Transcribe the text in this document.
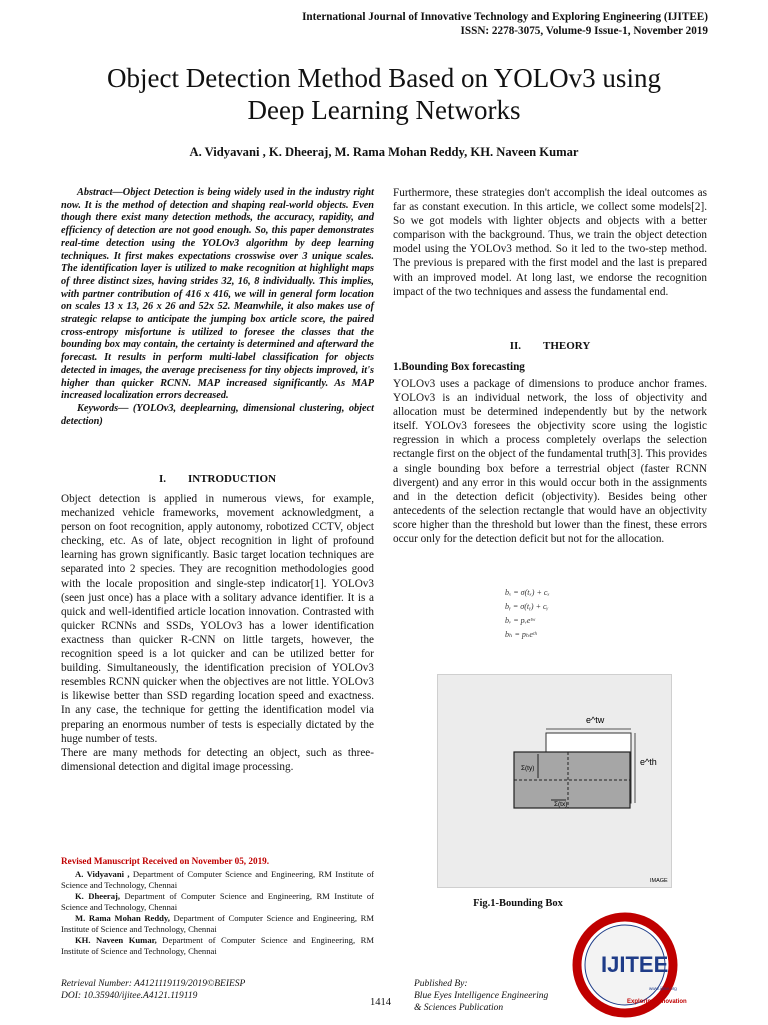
International Journal of Innovative Technology and Exploring Engineering (IJITEE)
ISSN: 2278-3075, Volume-9 Issue-1, November 2019
Object Detection Method Based on YOLOv3 using
Deep Learning Networks
A. Vidyavani , K. Dheeraj, M. Rama Mohan Reddy, KH. Naveen Kumar

Abstract—Object Detection is being widely used in the industry right now. It is the method of detection and shaping real-world objects. Even though there exist many detection methods, the accuracy, rapidity, and efficiency of detection are not good enough. So, this paper demonstrates real-time detection using the YOLOv3 algorithm by deep learning techniques. It first makes expectations crosswise over 3 unique scales. The identification layer is utilized to make recognition at highlight maps of three distinct sizes, having strides 32, 16, 8 individually. This implies, with partner contribution of 416 x 416, we will in general form location on scales 13 x 13, 26 x 26 and 52x 52. Meanwhile, it also makes use of strategic relapse to anticipate the jumping box article score, the paired cross-entropy misfortune is utilized to foresee the classes that the bounding box may contain, the certainty is determined and afterward the forecast. It results in perform multi-label classification for objects detected in images, the average preciseness for tiny objects improved, it's higher than quicker RCNN. MAP increased significantly. As MAP increased localization errors decreased.

Keywords— (YOLOv3, deeplearning, dimensional clustering, object detection)

I.  INTRODUCTION

Object detection is applied in numerous views, for example, mechanized vehicle frameworks, movement acknowledgment, a person on foot recognition, apply autonomy, robotized CCTV, object checking, etc. As of late, object recognition in light of profound learning has grown significantly. Basic target location techniques are separated into 2 species. They are recognition methodologies good with the locale proposition and single-step indicator[1]. YOLOv3 (seen just once) has a place with a solitary advance identifier. It is a quick and well-identified article location innovation. Contrasted with quicker RCNNs and SSDs, YOLOv3 has a lower identification exactness than quicker R-CNN on little targets, however, the recognition speed is a lot quicker and can be utilized better for building. Simultaneously, the identification precision of YOLOv3 resembles RCNN quicker when the objectives are not little. YOLOv3 is likewise better than SSD regarding location speed and exactness. In any case, the technique for getting the identification model via preparing an enormous number of tests is especially dictated by the huge number of tests.

There are many methods for detecting an object, such as three-dimensional detection and digital image processing.

Revised Manuscript Received on November 05, 2019.

A. Vidyavani , Department of Computer Science and Engineering, RM Institute of Science and Technology, Chennai

K. Dheeraj, Department of Computer Science and Engineering, RM Institute of Science and Technology, Chennai

M. Rama Mohan Reddy, Department of Computer Science and Engineering, RM Institute of Science and Technology, Chennai

KH. Naveen Kumar, Department of Computer Science and Engineering, RM Institute of Science and Technology, Chennai

Furthermore, these strategies don't accomplish the ideal outcomes as far as constant execution. In this article, we collect some models[2]. So we got models with lighter objects and objects with a better comparison with the background. Thus, we train the object detection model using the YOLOv3 method. So it led to the two-step method. The previous is prepared with the first model and the last is prepared with an improved model. At long last, we endorse the recognition impact of the two techniques and assess the fundamental end.
II.  THEORY
1.Bounding Box forecasting
YOLOv3 uses a package of dimensions to produce anchor frames. YOLOv3 is an individual network, the loss of objectivity and allocation must be determined independently but by the network itself. YOLOv3 foresees the objectivity score using the logistic regression in which a process completely overlaps the selection rectangle first on the object of the fundamental truth[3]. This provides a single bounding box before a terrestrial object (faster RCNN divergent) and any error in this would occur both in the assignments and in the detection deficit (objectivity). Besides being other antecedents of the selection rectangle that would have an objectivity score higher than the threshold but lower than the finest, these errors occur only for the detection deficit but not for the allocation.
bₓ = σ(tₓ) + cₓ
bᵧ = σ(tᵧ) + cᵧ
bᵥ = pᵥeᵗʷ
bₕ = pₕeᵗʰ
e^tw
e^th
Σ(ty)
Σ(tx)
IMAGE
Fig.1-Bounding Box
IJITEE
Exploring Innovation
www.ijitee.org
Retrieval Number: A4121119119/2019©BEIESP
DOI: 10.35940/ijitee.A4121.119119
1414
Published By:
Blue Eyes Intelligence Engineering
& Sciences Publication
